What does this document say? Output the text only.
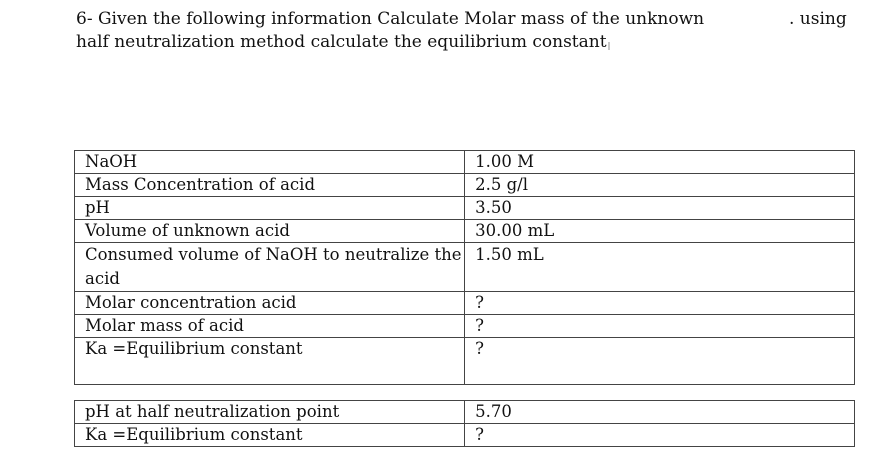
6- Given the following information Calculate Molar mass of the unknown
half neutralization method calculate the equilibrium constant
. using
NaOH	1.00 M
Mass Concentration of acid	2.5 g/l
pH	3.50
Volume of unknown acid	30.00 mL
Consumed volume of NaOH to neutralize the acid	1.50 mL
Molar concentration acid	?
Molar mass of acid	?
Ka =Equilibrium constant	?
pH at half neutralization point	5.70
Ka =Equilibrium constant	?
